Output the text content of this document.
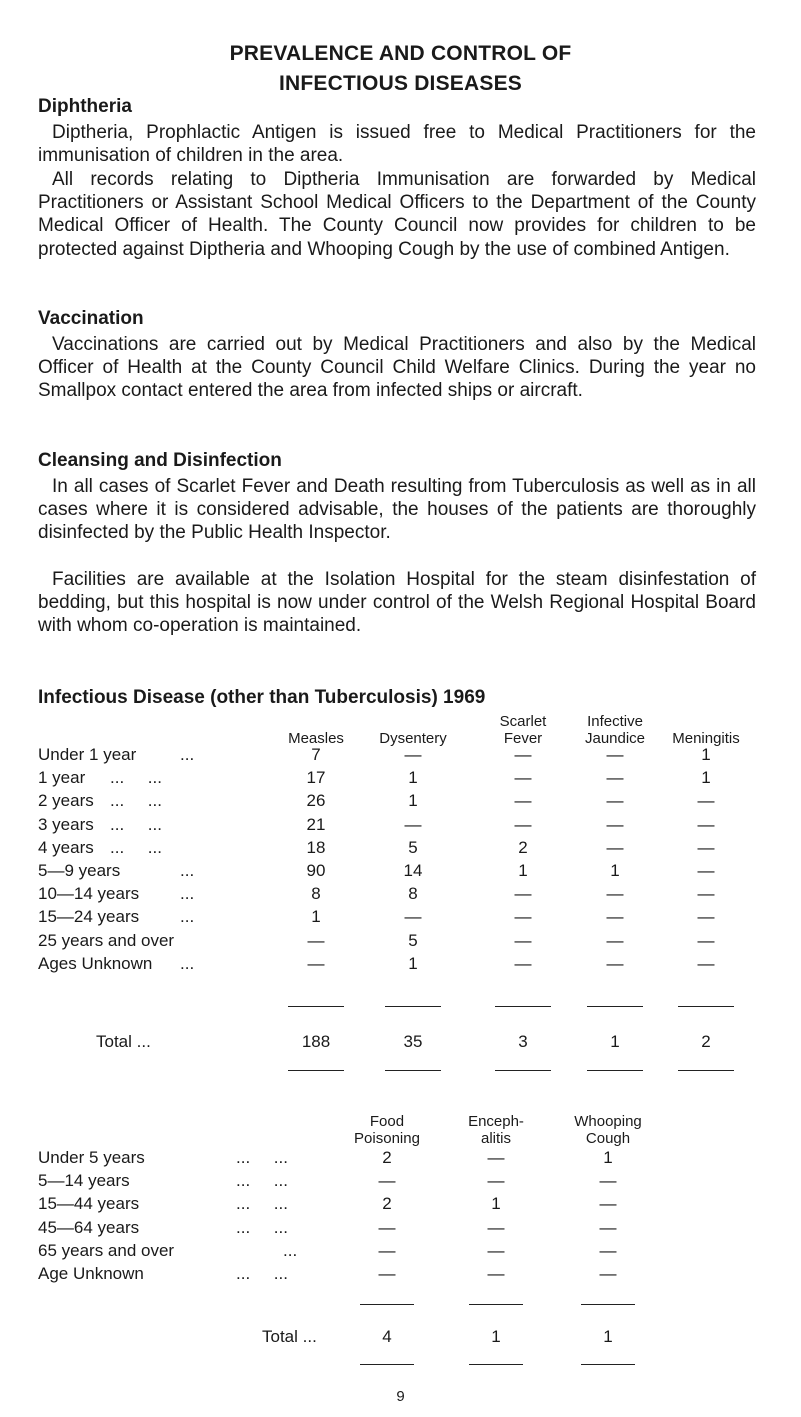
PREVALENCE AND CONTROL OF
INFECTIOUS DISEASES
Diphtheria

Diptheria, Prophlactic Antigen is issued free to Medical Practitioners for the immunisation of children in the area.

All records relating to Diptheria Immunisation are forwarded by Medical Practitioners or Assistant School Medical Officers to the Department of the County Medical Officer of Health. The County Council now provides for children to be protected against Diptheria and Whooping Cough by the use of combined Antigen.

Vaccination

Vaccinations are carried out by Medical Practitioners and also by the Medical Officer of Health at the County Council Child Welfare Clinics. During the year no Smallpox contact entered the area from infected ships or aircraft.

Cleansing and Disinfection

In all cases of Scarlet Fever and Death resulting from Tuberculosis as well as in all cases where it is considered advisable, the houses of the patients are thoroughly disinfected by the Public Health Inspector.

Facilities are available at the Isolation Hospital for the steam disinfestation of bedding, but this hospital is now under control of the Welsh Regional Hospital Board with whom co-operation is maintained.

Infectious Disease (other than Tuberculosis) 1969
Measles Dysentery
Scarlet
Fever
Infective
Jaundice Meningitis
Under 1 year	...	7	—	—	—	1
1 year ...     ...	17	1	—	—	1
2 years ...     ...	26	1	—	—	—
3 years ...     ...	21	—	—	—	—
4 years ...     ...	18	5	2	—	—
5—9 years	...	90	14	1	1	—
10—14 years ...	8	8	—	—	—
15—24 years ...	1	—	—	—	—
25 years and over	—	5	—	—	—
Ages Unknown ...	—	1	—	—	—
Total ...	188	35	3	1	2
Food
Poisoning
Enceph-
alitis
Whooping
Cough
Under 5 years	...     ...	2	—	1
5—14 years	...     ...	—	—	—
15—44 years	...     ...	2	1	—
45—64 years	...     ...	—	—	—
65 years and over	...	—	—	—
Age Unknown	...     ...	—	—	—
Total ...	4	1	1
9
